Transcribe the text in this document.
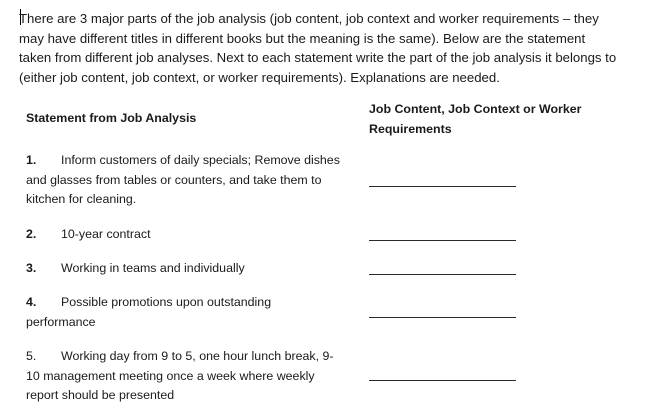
There are 3 major parts of the job analysis (job content, job context and worker requirements – they
may have different titles in different books but the meaning is the same). Below are the statement
taken from different job analyses. Next to each statement write the part of the job analysis it belongs to
(either job content, job context, or worker requirements). Explanations are needed.
Statement from Job Analysis
Job Content, Job Context or Worker
Requirements
1. Inform customers of daily specials; Remove dishes
and glasses from tables or counters, and take them to
kitchen for cleaning.
2. 10-year contract
3. Working in teams and individually
4. Possible promotions upon outstanding
performance
5. Working day from 9 to 5, one hour lunch break, 9-
10 management meeting once a week where weekly
report should be presented
